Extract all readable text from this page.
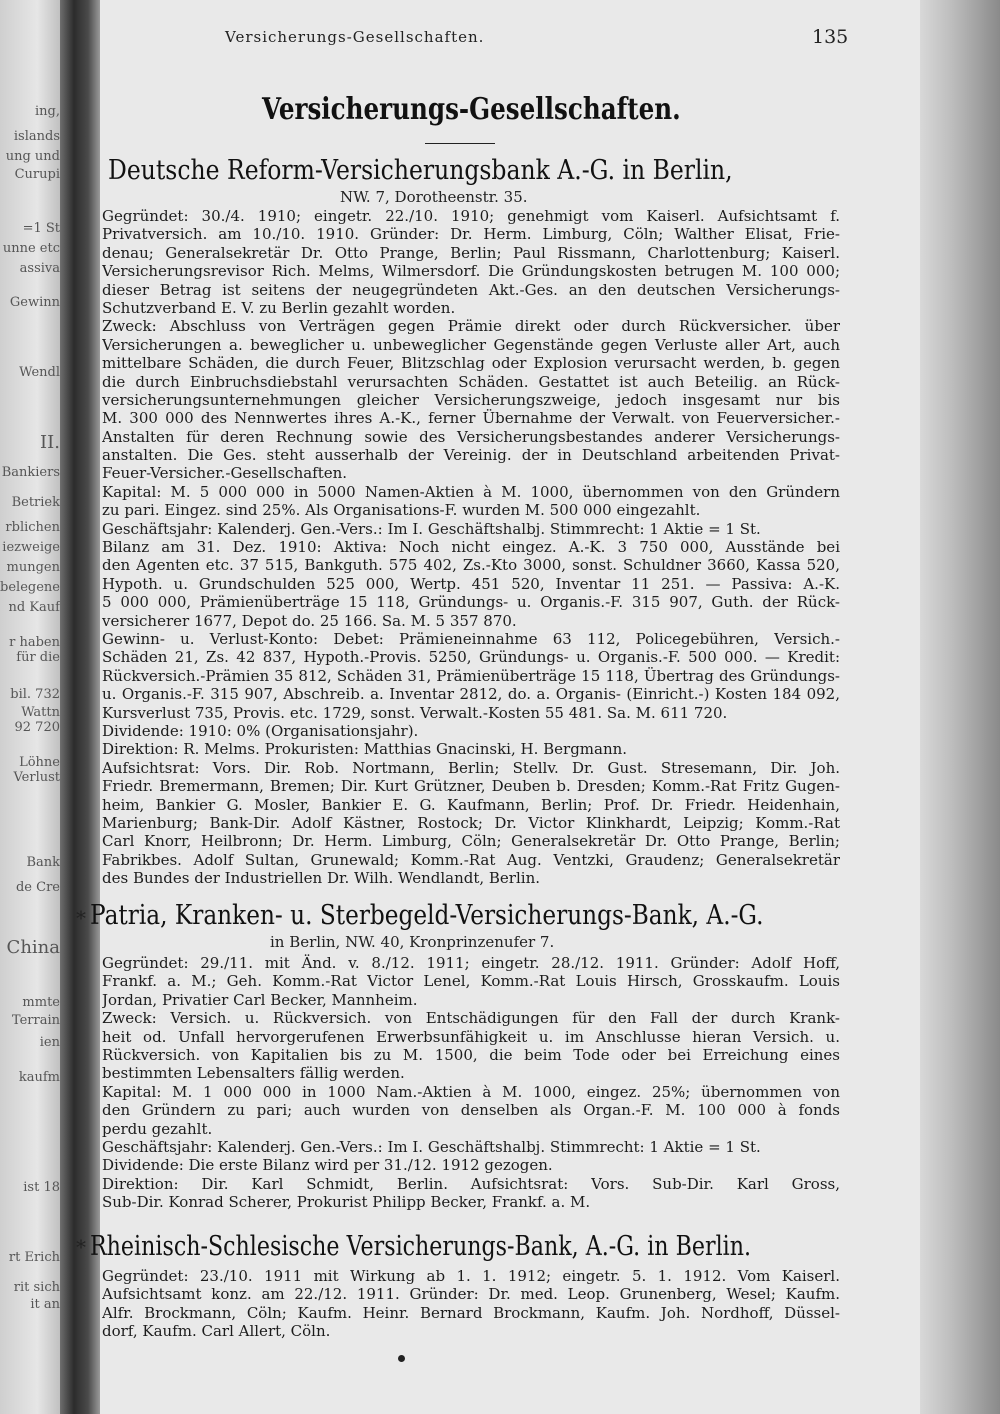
ing,
islands
ung und
Curupi
=1 St
unne etc
assiva
Gewinn
Wendl
II.
Bankiers
Betriek
rblichen
iezweige
mungen
belegene
nd Kauf
r haben
für die
bil. 732
Wattn
92 720
Löhne
Verlust
Bank
de Cre
China
mmte
Terrain
ien
kaufm
ist 18
rt Erich
rit sich
it an
Versicherungs-Gesellschaften.	135
Versicherungs-Gesellschaften.
Deutsche Reform-Versicherungsbank A.-G. in Berlin,
NW. 7, Dorotheenstr. 35.
Gegründet: 30./4. 1910; eingetr. 22./10. 1910; genehmigt vom Kaiserl. Aufsichtsamt f.
Privatversich. am 10./10. 1910. Gründer: Dr. Herm. Limburg, Cöln; Walther Elisat, Frie-
denau; Generalsekretär Dr. Otto Prange, Berlin; Paul Rissmann, Charlottenburg; Kaiserl.
Versicherungsrevisor Rich. Melms, Wilmersdorf. Die Gründungskosten betrugen M. 100 000;
dieser Betrag ist seitens der neugegründeten Akt.-Ges. an den deutschen Versicherungs-
Schutzverband E. V. zu Berlin gezahlt worden.
Zweck: Abschluss von Verträgen gegen Prämie direkt oder durch Rückversicher. über
Versicherungen a. beweglicher u. unbeweglicher Gegenstände gegen Verluste aller Art, auch
mittelbare Schäden, die durch Feuer, Blitzschlag oder Explosion verursacht werden, b. gegen
die durch Einbruchsdiebstahl verursachten Schäden. Gestattet ist auch Beteilig. an Rück-
versicherungsunternehmungen gleicher Versicherungszweige, jedoch insgesamt nur bis
M. 300 000 des Nennwertes ihres A.-K., ferner Übernahme der Verwalt. von Feuerversicher.-
Anstalten für deren Rechnung sowie des Versicherungsbestandes anderer Versicherungs-
anstalten. Die Ges. steht ausserhalb der Vereinig. der in Deutschland arbeitenden Privat-
Feuer-Versicher.-Gesellschaften.
Kapital: M. 5 000 000 in 5000 Namen-Aktien à M. 1000, übernommen von den Gründern
zu pari. Eingez. sind 25%. Als Organisations-F. wurden M. 500 000 eingezahlt.
Geschäftsjahr: Kalenderj. Gen.-Vers.: Im I. Geschäftshalbj. Stimmrecht: 1 Aktie = 1 St.
Bilanz am 31. Dez. 1910: Aktiva: Noch nicht eingez. A.-K. 3 750 000, Ausstände bei
den Agenten etc. 37 515, Bankguth. 575 402, Zs.-Kto 3000, sonst. Schuldner 3660, Kassa 520,
Hypoth. u. Grundschulden 525 000, Wertp. 451 520, Inventar 11 251. — Passiva: A.-K.
5 000 000, Prämienüberträge 15 118, Gründungs- u. Organis.-F. 315 907, Guth. der Rück-
versicherer 1677, Depot do. 25 166. Sa. M. 5 357 870.
Gewinn- u. Verlust-Konto: Debet: Prämieneinnahme 63 112, Policegebühren, Versich.-
Schäden 21, Zs. 42 837, Hypoth.-Provis. 5250, Gründungs- u. Organis.-F. 500 000. — Kredit:
Rückversich.-Prämien 35 812, Schäden 31, Prämienüberträge 15 118, Übertrag des Gründungs-
u. Organis.-F. 315 907, Abschreib. a. Inventar 2812, do. a. Organis- (Einricht.-) Kosten 184 092,
Kursverlust 735, Provis. etc. 1729, sonst. Verwalt.-Kosten 55 481. Sa. M. 611 720.
Dividende: 1910: 0% (Organisationsjahr).
Direktion: R. Melms. Prokuristen: Matthias Gnacinski, H. Bergmann.
Aufsichtsrat: Vors. Dir. Rob. Nortmann, Berlin; Stellv. Dr. Gust. Stresemann, Dir. Joh.
Friedr. Bremermann, Bremen; Dir. Kurt Grützner, Deuben b. Dresden; Komm.-Rat Fritz Gugen-
heim, Bankier G. Mosler, Bankier E. G. Kaufmann, Berlin; Prof. Dr. Friedr. Heidenhain,
Marienburg; Bank-Dir. Adolf Kästner, Rostock; Dr. Victor Klinkhardt, Leipzig; Komm.-Rat
Carl Knorr, Heilbronn; Dr. Herm. Limburg, Cöln; Generalsekretär Dr. Otto Prange, Berlin;
Fabrikbes. Adolf Sultan, Grunewald; Komm.-Rat Aug. Ventzki, Graudenz; Generalsekretär
des Bundes der Industriellen Dr. Wilh. Wendlandt, Berlin.
* Patria, Kranken- u. Sterbegeld-Versicherungs-Bank, A.-G.
in Berlin, NW. 40, Kronprinzenufer 7.
Gegründet: 29./11. mit Änd. v. 8./12. 1911; eingetr. 28./12. 1911. Gründer: Adolf Hoff,
Frankf. a. M.; Geh. Komm.-Rat Victor Lenel, Komm.-Rat Louis Hirsch, Grosskaufm. Louis
Jordan, Privatier Carl Becker, Mannheim.
Zweck: Versich. u. Rückversich. von Entschädigungen für den Fall der durch Krank-
heit od. Unfall hervorgerufenen Erwerbsunfähigkeit u. im Anschlusse hieran Versich. u.
Rückversich. von Kapitalien bis zu M. 1500, die beim Tode oder bei Erreichung eines
bestimmten Lebensalters fällig werden.
Kapital: M. 1 000 000 in 1000 Nam.-Aktien à M. 1000, eingez. 25%; übernommen von
den Gründern zu pari; auch wurden von denselben als Organ.-F. M. 100 000 à fonds
perdu gezahlt.
Geschäftsjahr: Kalenderj. Gen.-Vers.: Im I. Geschäftshalbj. Stimmrecht: 1 Aktie = 1 St.
Dividende: Die erste Bilanz wird per 31./12. 1912 gezogen.
Direktion: Dir. Karl Schmidt, Berlin. Aufsichtsrat: Vors. Sub-Dir. Karl Gross,
Sub-Dir. Konrad Scherer, Prokurist Philipp Becker, Frankf. a. M.
* Rheinisch-Schlesische Versicherungs-Bank, A.-G. in Berlin.
Gegründet: 23./10. 1911 mit Wirkung ab 1. 1. 1912; eingetr. 5. 1. 1912. Vom Kaiserl.
Aufsichtsamt konz. am 22./12. 1911. Gründer: Dr. med. Leop. Grunenberg, Wesel; Kaufm.
Alfr. Brockmann, Cöln; Kaufm. Heinr. Bernard Brockmann, Kaufm. Joh. Nordhoff, Düssel-
dorf, Kaufm. Carl Allert, Cöln.
